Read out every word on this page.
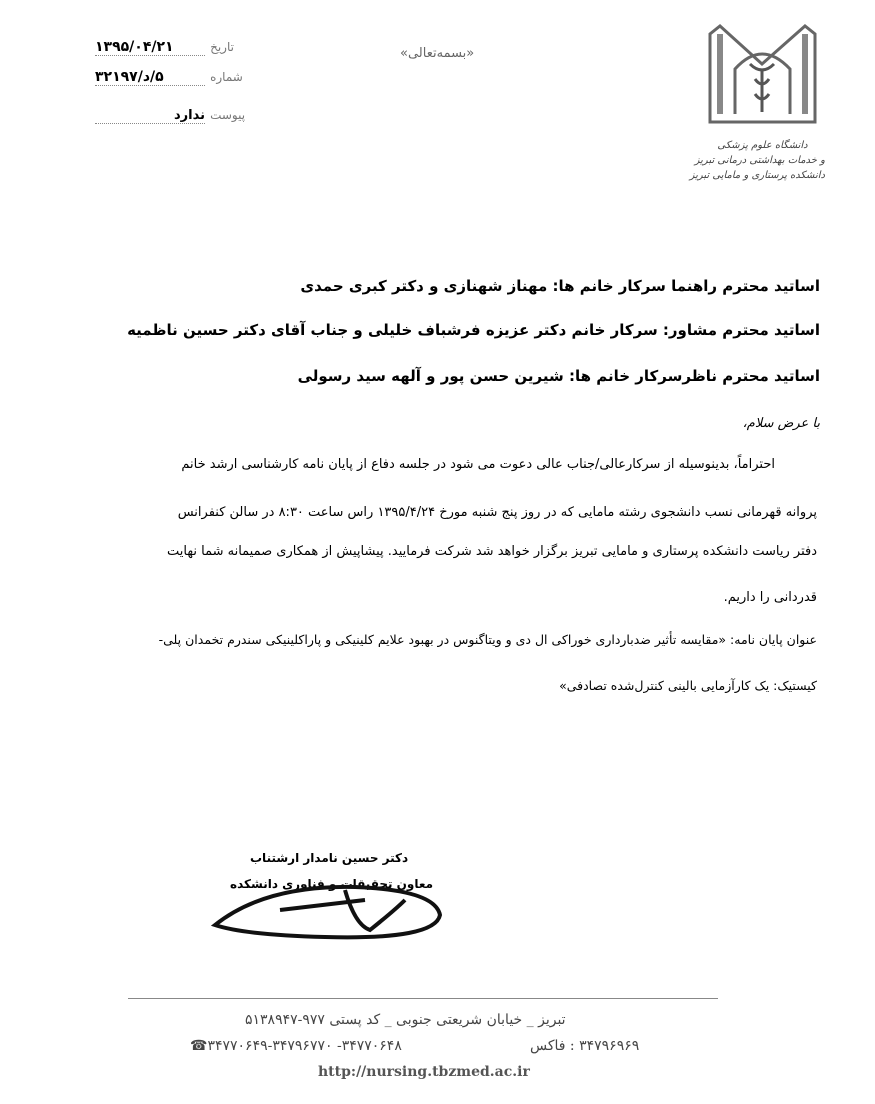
دانشگاه علوم پزشکی
و خدمات بهداشتی درمانی تبریز
دانشکده پرستاری و مامایی تبریز
«بسمه‌تعالی»
تاریخ ۱۳۹۵/۰۴/۲۱
شماره ۵/د/۳۲۱۹۷
پیوست ندارد
اساتید محترم راهنما سرکار خانم ها: مهناز شهنازی و دکتر کبری حمدی
اساتید محترم مشاور: سرکار خانم دکتر عزیزه فرشباف خلیلی و جناب آقای دکتر حسین ناظمیه
اساتید محترم ناظرسرکار خانم ها: شیرین حسن پور و آلهه سید رسولی
با عرض سلام،
احتراماً، بدینوسیله از سرکارعالی/جناب عالی دعوت می شود در جلسه دفاع از پایان نامه کارشناسی ارشد خانم
پروانه قهرمانی نسب دانشجوی رشته مامایی که در روز پنج شنبه مورخ ۱۳۹۵/۴/۲۴ راس ساعت ۸:۳۰ در سالن کنفرانس
دفتر ریاست دانشکده پرستاری و مامایی تبریز برگزار خواهد شد شرکت فرمایید. پیشاپیش از همکاری صمیمانه شما نهایت
قدردانی را داریم.
عنوان پایان نامه: «مقایسه تأثیر ضدبارداری خوراکی ال دی و ویتاگنوس در بهبود علایم کلینیکی و پاراکلینیکی سندرم تخمدان پلی-
کیستیک: یک کارآزمایی بالینی کنترل‌شده تصادفی»
دکتر حسین نامدار ارشتناب
معاون تحقیقات و فناوری دانشکده
تبریز _ خیابان شریعتی جنوبی _ کد پستی ۹۷۷-۵۱۳۸۹۴۷
۳۴۷۹۶۹۶۹ : فاکس
☎۳۴۷۷۰۶۴۸- ۳۴۷۷۰۶۴۹-۳۴۷۹۶۷۷۰
http://nursing.tbzmed.ac.ir
